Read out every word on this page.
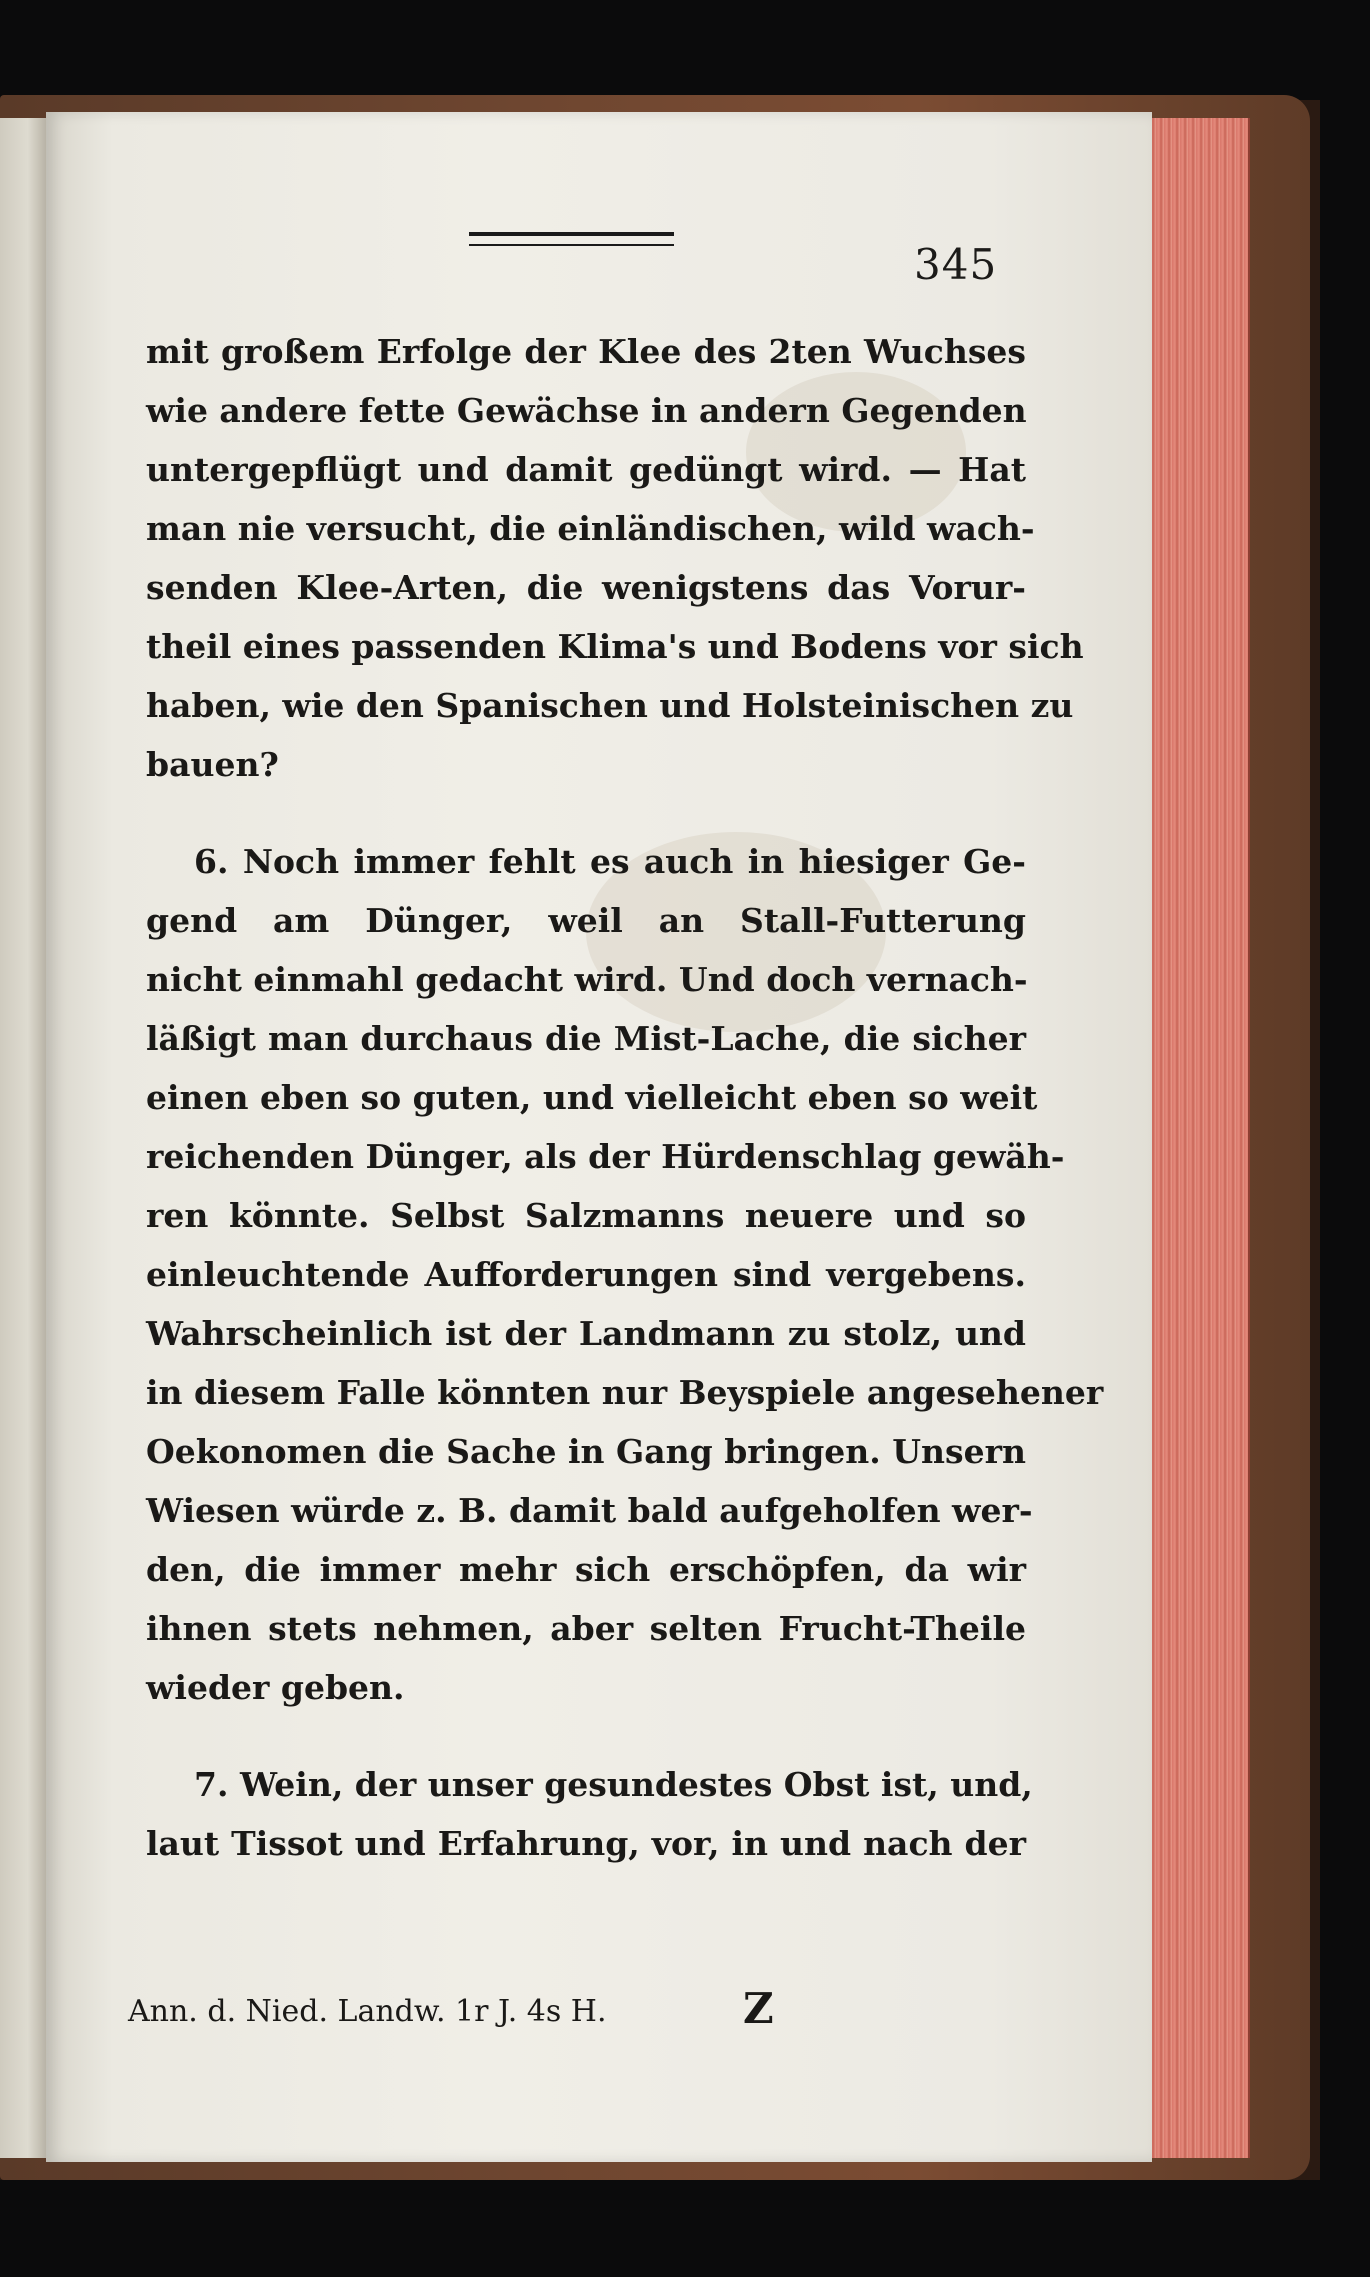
345
mit großem Erfolge der Klee des 2ten Wuchses
wie andere fette Gewächse in andern Gegenden
untergepflügt und damit gedüngt wird. — Hat
man nie versucht, die einländischen, wild wach-
senden Klee-Arten, die wenigstens das Vorur-
theil eines passenden Klima's und Bodens vor sich
haben, wie den Spanischen und Holsteinischen zu
bauen?
6. Noch immer fehlt es auch in hiesiger Ge-
gend am Dünger, weil an Stall-Futterung
nicht einmahl gedacht wird. Und doch vernach-
läßigt man durchaus die Mist-Lache, die sicher
einen eben so guten, und vielleicht eben so weit
reichenden Dünger, als der Hürdenschlag gewäh-
ren könnte. Selbst Salzmanns neuere und so
einleuchtende Aufforderungen sind vergebens.
Wahrscheinlich ist der Landmann zu stolz, und
in diesem Falle könnten nur Beyspiele angesehener
Oekonomen die Sache in Gang bringen. Unsern
Wiesen würde z. B. damit bald aufgeholfen wer-
den, die immer mehr sich erschöpfen, da wir
ihnen stets nehmen, aber selten Frucht-Theile
wieder geben.
7. Wein, der unser gesundestes Obst ist, und,
laut Tissot und Erfahrung, vor, in und nach der
Ann. d. Nied. Landw. 1r J. 4s H.	Z
